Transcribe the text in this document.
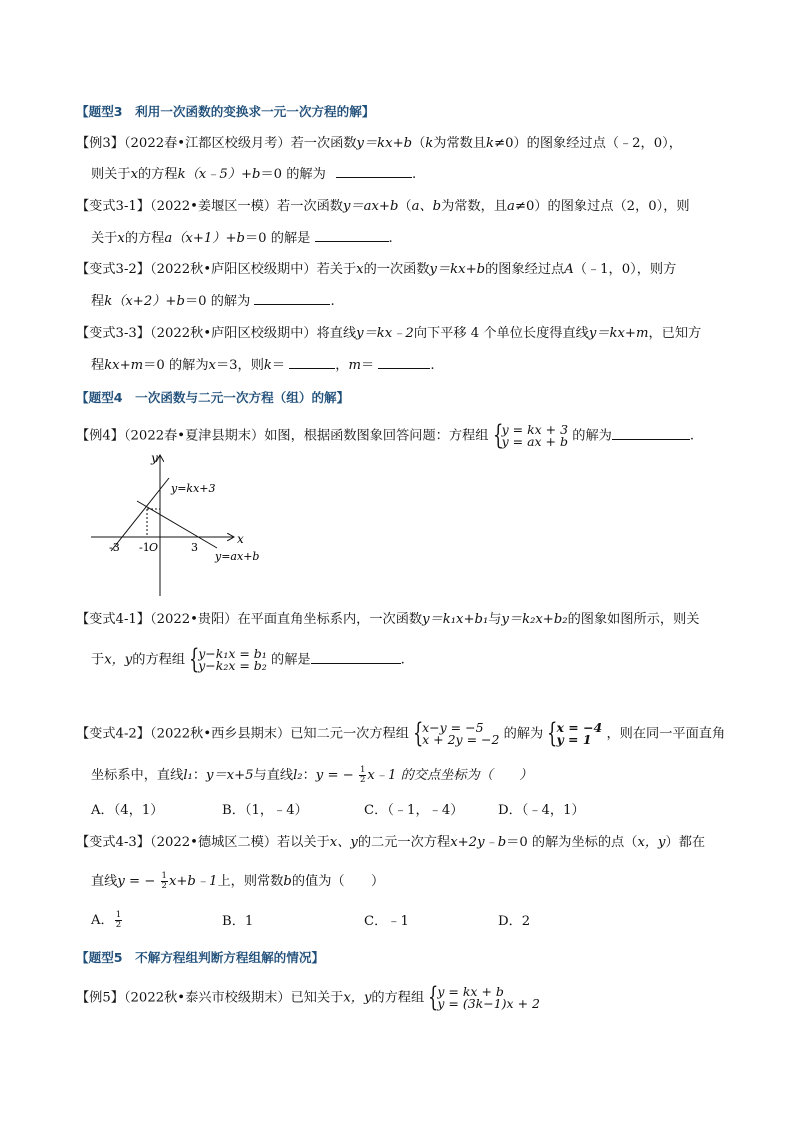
【题型3　利用一次函数的变换求一元一次方程的解】
【例3】（2022春•江都区校级月考）若一次函数y＝kx+b（k为常数且k≠0）的图象经过点（﹣2，0），
则关于x的方程k（x﹣5）+b＝0 的解为	.
【变式3-1】（2022•姜堰区一模）若一次函数y＝ax+b（a、b为常数，且a≠0）的图象过点（2，0），则
关于x的方程a（x+1）+b＝0 的解是	.
【变式3-2】（2022秋•庐阳区校级期中）若关于x的一次函数y＝kx+b的图象经过点A（﹣1，0），则方
程k（x+2）+b＝0 的解为	.
【变式3-3】（2022秋•庐阳区校级期中）将直线y＝kx﹣2向下平移 4 个单位长度得直线y＝kx+m，已知方
程kx+m＝0 的解为x＝3，则k＝	，m＝	.
【题型4　一次函数与二元一次方程（组）的解】
【例4】（2022春•夏津县期末）如图，根据函数图象回答问题：方程组 {
y = kx + 3
y = ax + b 的解为	.
y
x
y=kx+3
y=ax+b
-3 -1 O	3
【变式4-1】（2022•贵阳）在平面直角坐标系内，一次函数y＝k₁x+b₁与y＝k₂x+b₂的图象如图所示，则关
于x，y的方程组 {
y−k₁x = b₁
y−k₂x = b₂ 的解是	.
【变式4-2】（2022秋•西乡县期末）已知二元一次方程组 {
x−y = −5
x + 2y = −2 的解为 {
x = −4
y = 1	，则在同一平面直角
坐标系中，直线l₁：y＝x+5与直线l₂：y = − $\frac{1}{2}$ x﹣1 的交点坐标为（　　）
A．（4，1）	B．（1，﹣4）	C．（﹣1，﹣4）	D．（﹣4，1）
【变式4-3】（2022•德城区二模）若以关于x、y的二元一次方程x+2y﹣b＝0 的解为坐标的点（x，y）都在
直线y = − $\frac{1}{2}$ x+b﹣1上，则常数b的值为（　　）
A． $\frac{1}{2}$	B．1	C．﹣1	D．2
【题型5　不解方程组判断方程组解的情况】
【例5】（2022秋•泰兴市校级期末）已知关于x，y的方程组 {
y = kx + b
y = (3k−1)x + 2
